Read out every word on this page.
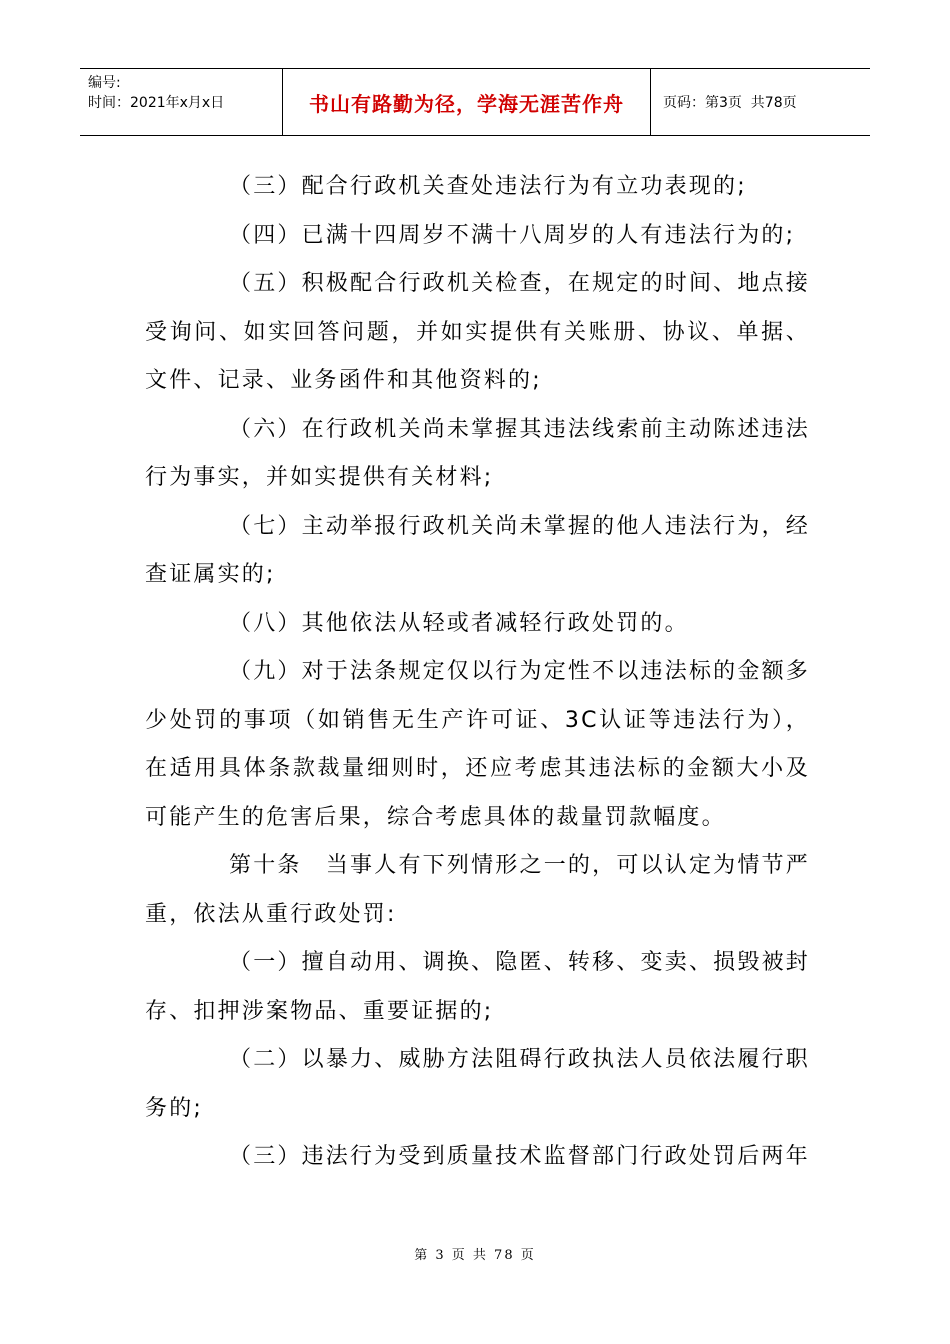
编号:
时间：2021年x月x日	书山有路勤为径，学海无涯苦作舟	页码：第3页  共78页

（三）配合行政机关查处违法行为有立功表现的;

（四）已满十四周岁不满十八周岁的人有违法行为的;

（五）积极配合行政机关检查，在规定的时间、地点接受询问、如实回答问题，并如实提供有关账册、协议、单据、文件、记录、业务函件和其他资料的;

（六）在行政机关尚未掌握其违法线索前主动陈述违法行为事实，并如实提供有关材料;

（七）主动举报行政机关尚未掌握的他人违法行为，经查证属实的;

（八）其他依法从轻或者减轻行政处罚的。

（九）对于法条规定仅以行为定性不以违法标的金额多少处罚的事项（如销售无生产许可证、3C认证等违法行为），在适用具体条款裁量细则时，还应考虑其违法标的金额大小及可能产生的危害后果，综合考虑具体的裁量罚款幅度。

第十条　当事人有下列情形之一的，可以认定为情节严重，依法从重行政处罚:

（一）擅自动用、调换、隐匿、转移、变卖、损毁被封存、扣押涉案物品、重要证据的;

（二）以暴力、威胁方法阻碍行政执法人员依法履行职务的;

（三）违法行为受到质量技术监督部门行政处罚后两年

第 3 页 共 78 页
